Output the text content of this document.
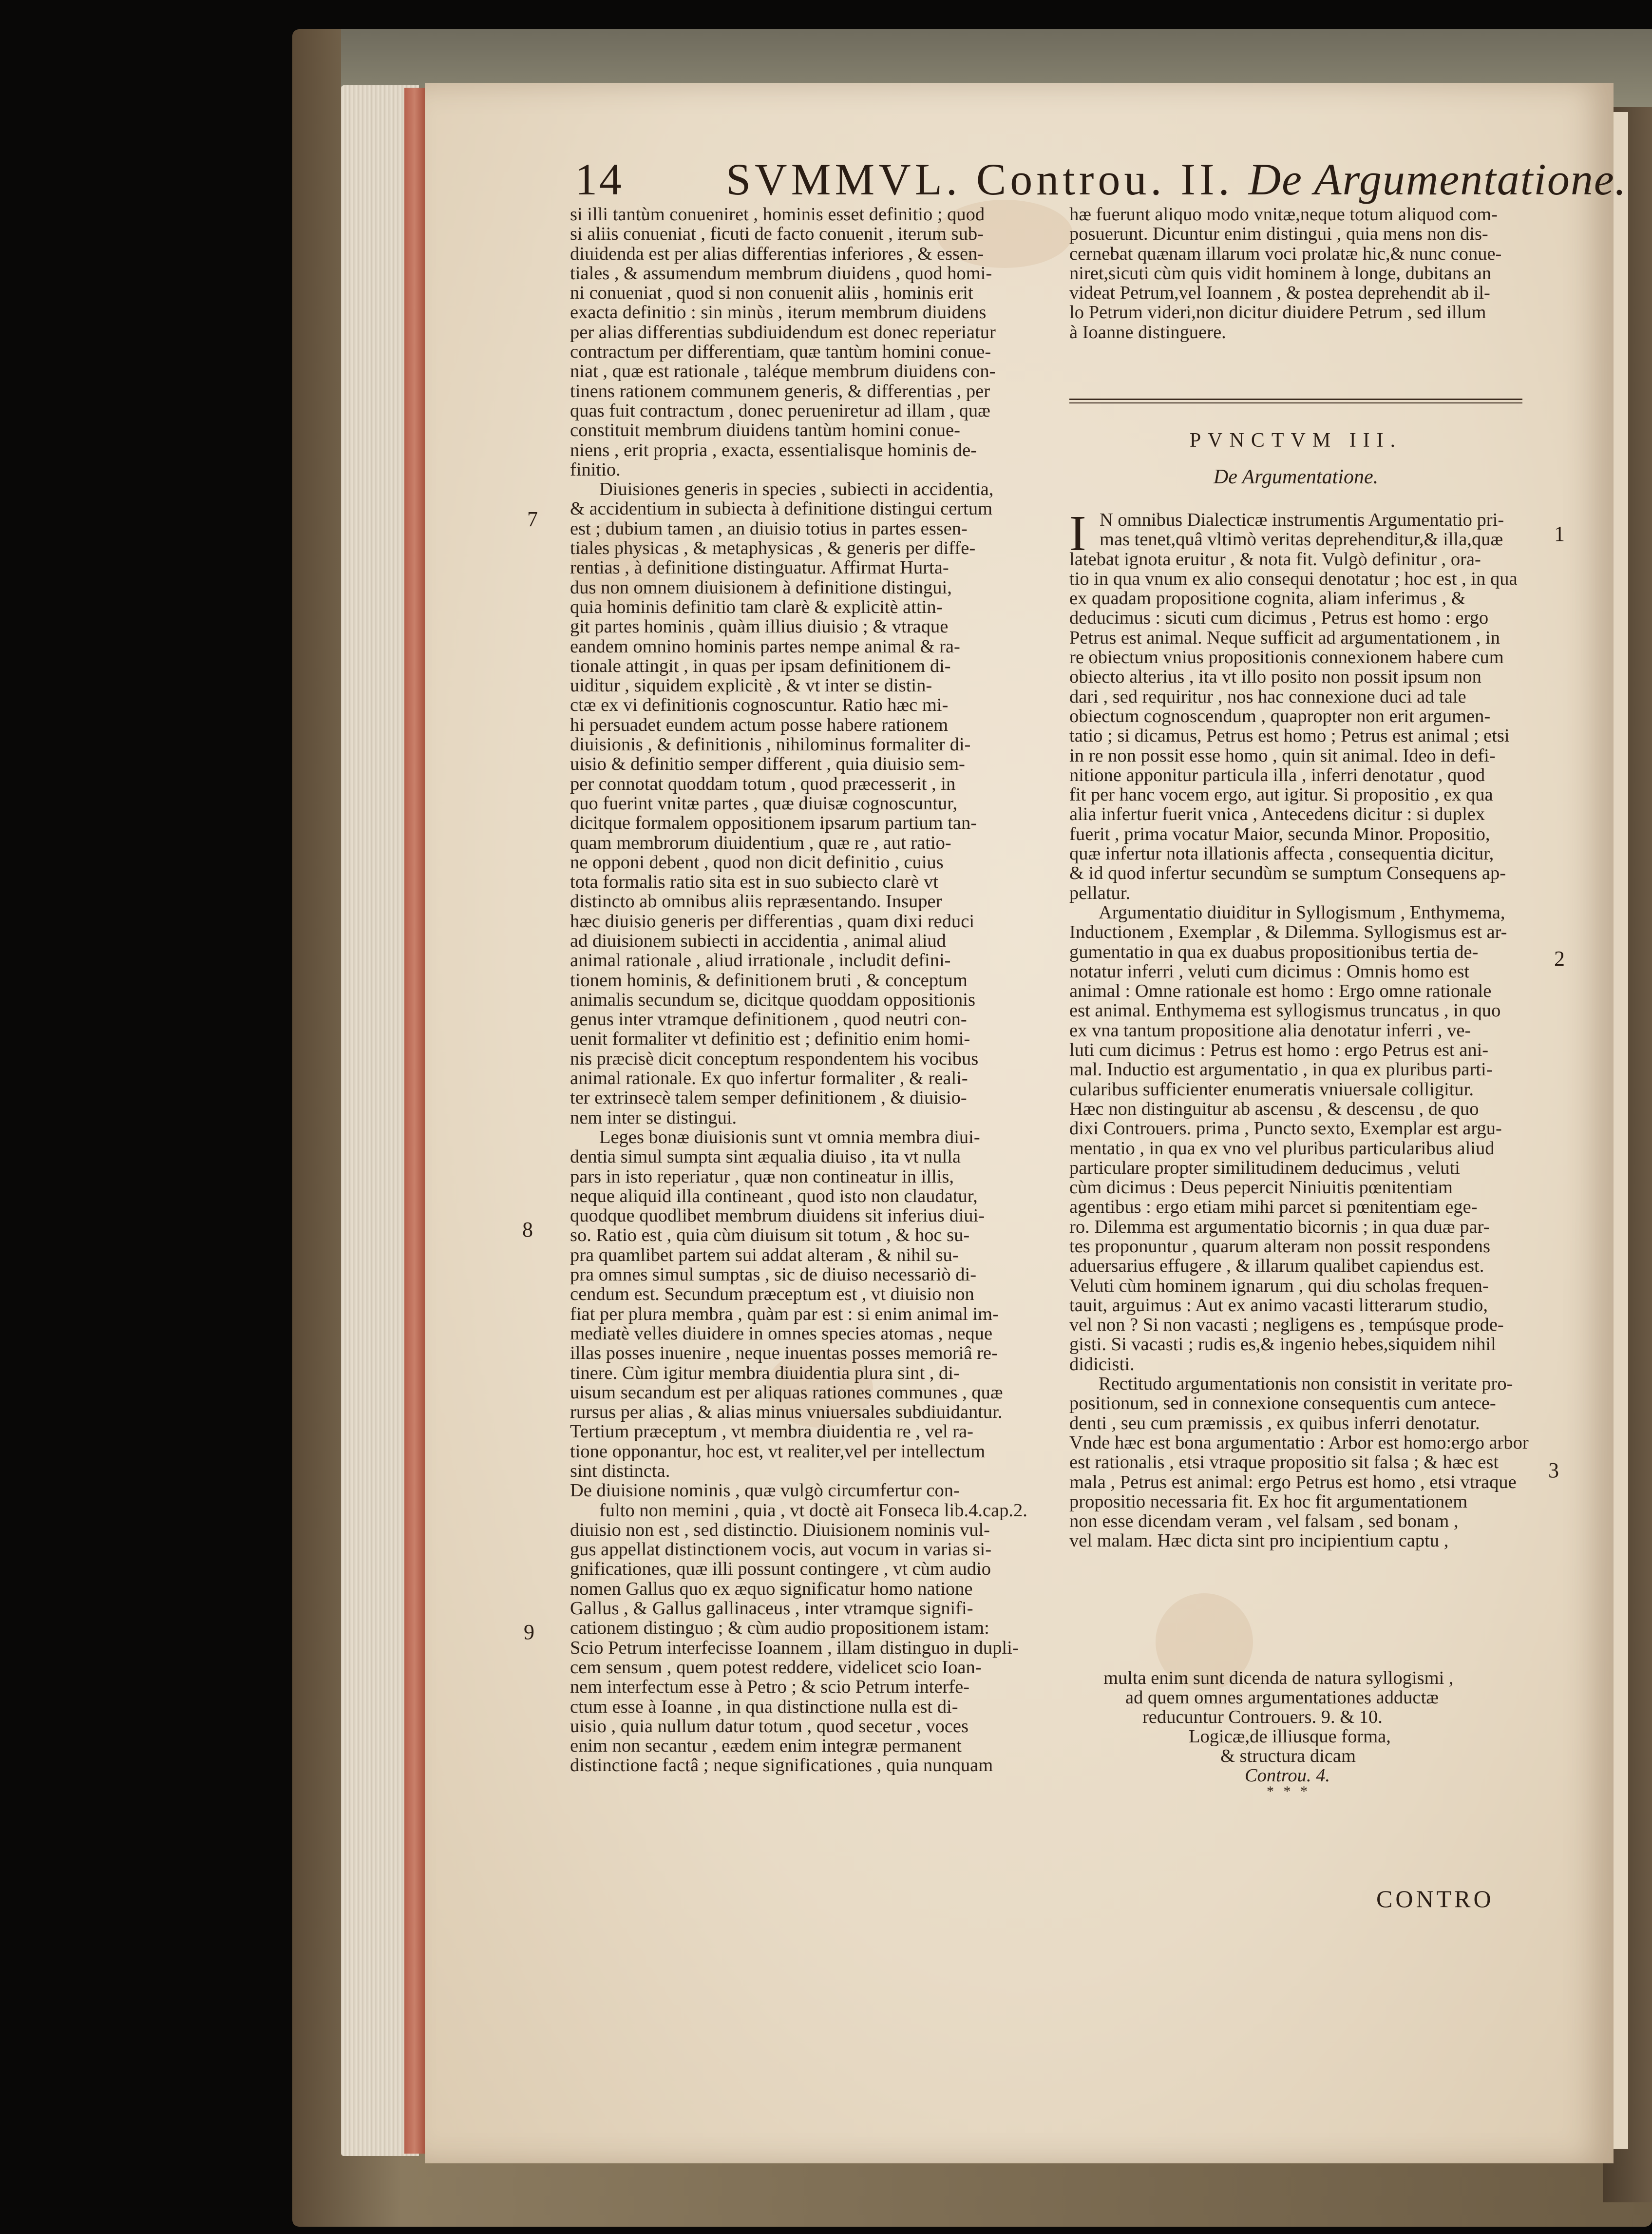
14 SVMMVL. Controu. II. De Argumentatione.

si illi tantùm conueniret , hominis esset definitio ; quod

si aliis conueniat , ficuti de facto conuenit , iterum sub-

diuidenda est per alias differentias inferiores , & essen-

tiales , & assumendum membrum diuidens , quod homi-

ni conueniat , quod si non conuenit aliis , hominis erit

exacta definitio : sin minùs , iterum membrum diuidens

per alias differentias subdiuidendum est donec reperiatur

contractum per differentiam, quæ tantùm homini conue-

niat , quæ est rationale , taléque membrum diuidens con-

tinens rationem communem generis, & differentias , per

quas fuit contractum , donec perueniretur ad illam , quæ

constituit membrum diuidens tantùm homini conue-

niens , erit propria , exacta, essentialisque hominis de-

finitio.

Diuisiones generis in species , subiecti in accidentia,

& accidentium in subiecta à definitione distingui certum

est ; dubium tamen , an diuisio totius in partes essen-

tiales physicas , & metaphysicas , & generis per diffe-

rentias , à definitione distinguatur. Affirmat Hurta-

dus non omnem diuisionem à definitione distingui,

quia hominis definitio tam clarè & explicitè attin-

git partes hominis , quàm illius diuisio ; & vtraque

eandem omnino hominis partes nempe animal & ra-

tionale attingit , in quas per ipsam definitionem di-

uiditur , siquidem explicitè , & vt inter se distin-

ctæ ex vi definitionis cognoscuntur. Ratio hæc mi-

hi persuadet eundem actum posse habere rationem

diuisionis , & definitionis , nihilominus formaliter di-

uisio & definitio semper different , quia diuisio sem-

per connotat quoddam totum , quod præcesserit , in

quo fuerint vnitæ partes , quæ diuisæ cognoscuntur,

dicitque formalem oppositionem ipsarum partium tan-

quam membrorum diuidentium , quæ re , aut ratio-

ne opponi debent , quod non dicit definitio , cuius

tota formalis ratio sita est in suo subiecto clarè vt

distincto ab omnibus aliis repræsentando. Insuper

hæc diuisio generis per differentias , quam dixi reduci

ad diuisionem subiecti in accidentia , animal aliud

animal rationale , aliud irrationale , includit defini-

tionem hominis, & definitionem bruti , & conceptum

animalis secundum se, dicitque quoddam oppositionis

genus inter vtramque definitionem , quod neutri con-

uenit formaliter vt definitio est ; definitio enim homi-

nis præcisè dicit conceptum respondentem his vocibus

animal rationale. Ex quo infertur formaliter , & reali-

ter extrinsecè talem semper definitionem , & diuisio-

nem inter se distingui.

Leges bonæ diuisionis sunt vt omnia membra diui-

dentia simul sumpta sint æqualia diuiso , ita vt nulla

pars in isto reperiatur , quæ non contineatur in illis,

neque aliquid illa contineant , quod isto non claudatur,

quodque quodlibet membrum diuidens sit inferius diui-

so. Ratio est , quia cùm diuisum sit totum , & hoc su-

pra quamlibet partem sui addat alteram , & nihil su-

pra omnes simul sumptas , sic de diuiso necessariò di-

cendum est. Secundum præceptum est , vt diuisio non

fiat per plura membra , quàm par est : si enim animal im-

mediatè velles diuidere in omnes species atomas , neque

illas posses inuenire , neque inuentas posses memoriâ re-

tinere. Cùm igitur membra diuidentia plura sint , di-

uisum secandum est per aliquas rationes communes , quæ

rursus per alias , & alias minus vniuersales subdiuidantur.

Tertium præceptum , vt membra diuidentia re , vel ra-

tione opponantur, hoc est, vt realiter,vel per intellectum

sint distincta.

De diuisione nominis , quæ vulgò circumfertur con-

fulto non memini , quia , vt doctè ait Fonseca lib.4.cap.2.

diuisio non est , sed distinctio. Diuisionem nominis vul-

gus appellat distinctionem vocis, aut vocum in varias si-

gnificationes, quæ illi possunt contingere , vt cùm audio

nomen Gallus quo ex æquo significatur homo natione

Gallus , & Gallus gallinaceus , inter vtramque signifi-

cationem distinguo ; & cùm audio propositionem istam:

Scio Petrum interfecisse Ioannem , illam distinguo in dupli-

cem sensum , quem potest reddere, videlicet scio Ioan-

nem interfectum esse à Petro ; & scio Petrum interfe-

ctum esse à Ioanne , in qua distinctione nulla est di-

uisio , quia nullum datur totum , quod secetur , voces

enim non secantur , eædem enim integræ permanent

distinctione factâ ; neque significationes , quia nunquam

hæ fuerunt aliquo modo vnitæ,neque totum aliquod com-

posuerunt. Dicuntur enim distingui , quia mens non dis-

cernebat quænam illarum voci prolatæ hic,& nunc conue-

niret,sicuti cùm quis vidit hominem à longe, dubitans an

videat Petrum,vel Ioannem , & postea deprehendit ab il-

lo Petrum videri,non dicitur diuidere Petrum , sed illum

à Ioanne distinguere.

PVNCTVM III.
De Argumentatione.
I N omnibus Dialecticæ instrumentis Argumentatio pri-

mas tenet,quâ vltimò veritas deprehenditur,& illa,quæ

latebat ignota eruitur , & nota fit. Vulgò definitur , ora-

tio in qua vnum ex alio consequi denotatur ; hoc est , in qua

ex quadam propositione cognita, aliam inferimus , &

deducimus : sicuti cum dicimus , Petrus est homo : ergo

Petrus est animal. Neque sufficit ad argumentationem , in

re obiectum vnius propositionis connexionem habere cum

obiecto alterius , ita vt illo posito non possit ipsum non

dari , sed requiritur , nos hac connexione duci ad tale

obiectum cognoscendum , quapropter non erit argumen-

tatio ; si dicamus, Petrus est homo ; Petrus est animal ; etsi

in re non possit esse homo , quin sit animal. Ideo in defi-

nitione apponitur particula illa , inferri denotatur , quod

fit per hanc vocem ergo, aut igitur. Si propositio , ex qua

alia infertur fuerit vnica , Antecedens dicitur : si duplex

fuerit , prima vocatur Maior, secunda Minor. Propositio,

quæ infertur nota illationis affecta , consequentia dicitur,

& id quod infertur secundùm se sumptum Consequens ap-

pellatur.

Argumentatio diuiditur in Syllogismum , Enthymema,

Inductionem , Exemplar , & Dilemma. Syllogismus est ar-

gumentatio in qua ex duabus propositionibus tertia de-

notatur inferri , veluti cum dicimus : Omnis homo est

animal : Omne rationale est homo : Ergo omne rationale

est animal. Enthymema est syllogismus truncatus , in quo

ex vna tantum propositione alia denotatur inferri , ve-

luti cum dicimus : Petrus est homo : ergo Petrus est ani-

mal. Inductio est argumentatio , in qua ex pluribus parti-

cularibus sufficienter enumeratis vniuersale colligitur.

Hæc non distinguitur ab ascensu , & descensu , de quo

dixi Controuers. prima , Puncto sexto, Exemplar est argu-

mentatio , in qua ex vno vel pluribus particularibus aliud

particulare propter similitudinem deducimus , veluti

cùm dicimus : Deus pepercit Niniuitis pœnitentiam

agentibus : ergo etiam mihi parcet si pœnitentiam ege-

ro. Dilemma est argumentatio bicornis ; in qua duæ par-

tes proponuntur , quarum alteram non possit respondens

aduersarius effugere , & illarum qualibet capiendus est.

Veluti cùm hominem ignarum , qui diu scholas frequen-

tauit, arguimus : Aut ex animo vacasti litterarum studio,

vel non ? Si non vacasti ; negligens es , tempúsque prode-

gisti. Si vacasti ; rudis es,& ingenio hebes,siquidem nihil

didicisti.

Rectitudo argumentationis non consistit in veritate pro-

positionum, sed in connexione consequentis cum antece-

denti , seu cum præmissis , ex quibus inferri denotatur.

Vnde hæc est bona argumentatio : Arbor est homo:ergo arbor

est rationalis , etsi vtraque propositio sit falsa ; & hæc est

mala , Petrus est animal: ergo Petrus est homo , etsi vtraque

propositio necessaria fit. Ex hoc fit argumentationem

non esse dicendam veram , vel falsam , sed bonam ,

vel malam. Hæc dicta sint pro incipientium captu ,

multa enim sunt dicenda de natura syllogismi ,
ad quem omnes argumentationes adductæ
reducuntur Controuers. 9. & 10.
Logicæ,de illiusque forma,
& structura dicam
Controu. 4.
* * *
CONTRO
7
8
9
1
2
3
